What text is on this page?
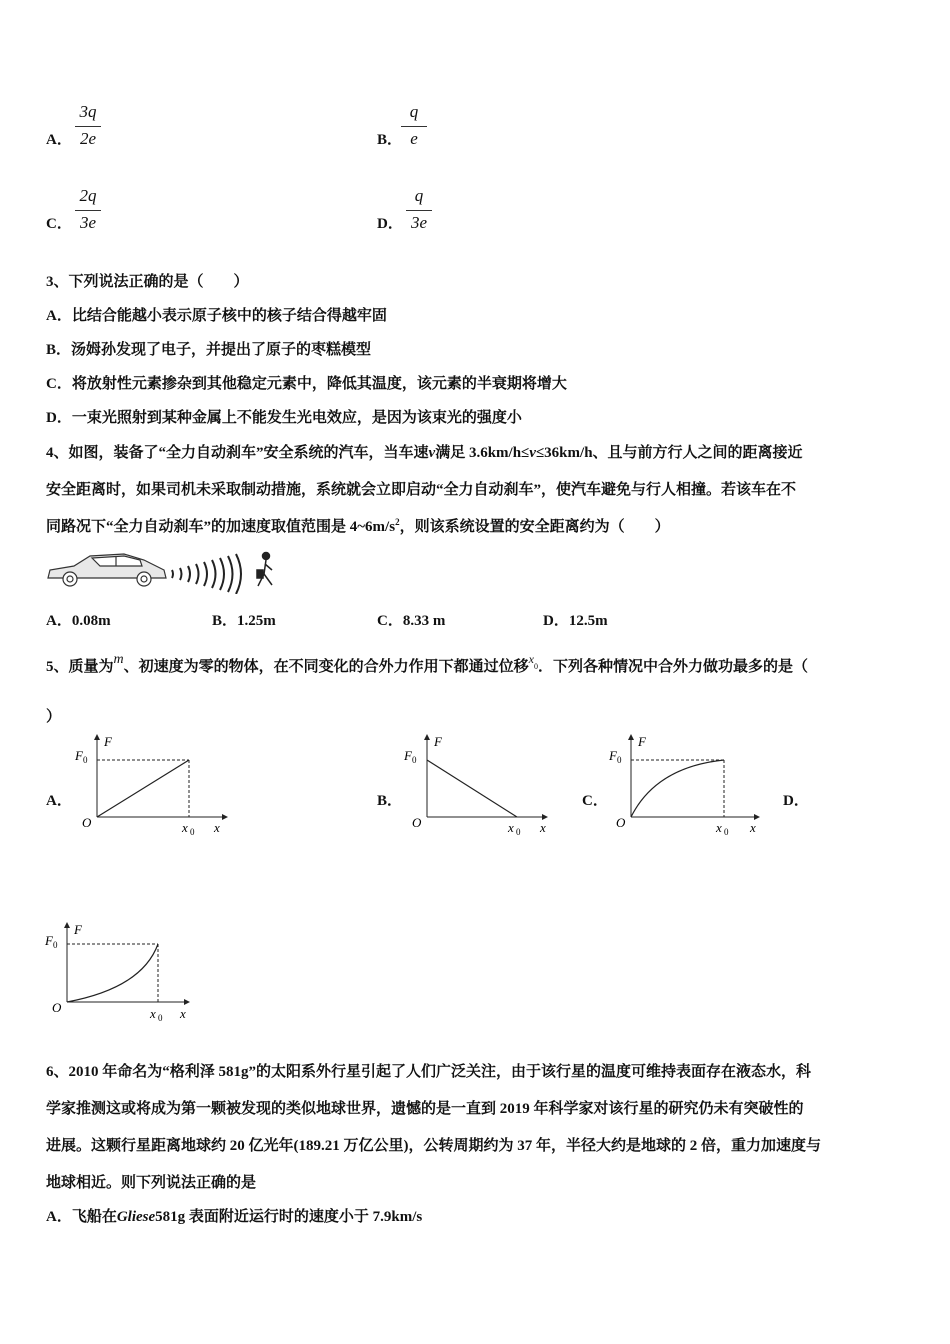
A．
3q
2e	B．
q
e
C．
2q
3e	D．
q
3e
3、下列说法正确的是（　　）
A．比结合能越小表示原子核中的核子结合得越牢固
B．汤姆孙发现了电子，并提出了原子的枣糕模型
C．将放射性元素掺杂到其他稳定元素中，降低其温度，该元素的半衰期将增大
D．一束光照射到某种金属上不能发生光电效应，是因为该束光的强度小
4、如图，装备了“全力自动刹车”安全系统的汽车，当车速v满足 3.6km/h≤v≤36km/h、且与前方行人之间的距离接近
安全距离时，如果司机未采取制动措施，系统就会立即启动“全力自动刹车”，使汽车避免与行人相撞。若该车在不
同路况下“全力自动刹车”的加速度取值范围是 $4\sim 6m/s^2$，则该系统设置的安全距离约为（　　）
A．0.08m	B．1.25m	C．8.33 m	D．12.5m
5、质量为m、初速度为零的物体，在不同变化的合外力作用下都通过位移$^x_0$．下列各种情况中合外力做功最多的是（
）
A．	B．	C．	D．
F
F 0
O	x 0 x
F
F 0
O	x 0 x
F
F 0
O	x 0 x
F
F 0
O	x 0 x
6、2010 年命名为“格利泽 581g”的太阳系外行星引起了人们广泛关注，由于该行星的温度可维持表面存在液态水，科
学家推测这或将成为第一颗被发现的类似地球世界，遗憾的是一直到 2019 年科学家对该行星的研究仍未有突破性的
进展。这颗行星距离地球约 20 亿光年(189.21 万亿公里)，公转周期约为 37 年，半径大约是地球的 2 倍，重力加速度与
地球相近。则下列说法正确的是
A．飞船在Gliese581g 表面附近运行时的速度小于 7.9km/s
